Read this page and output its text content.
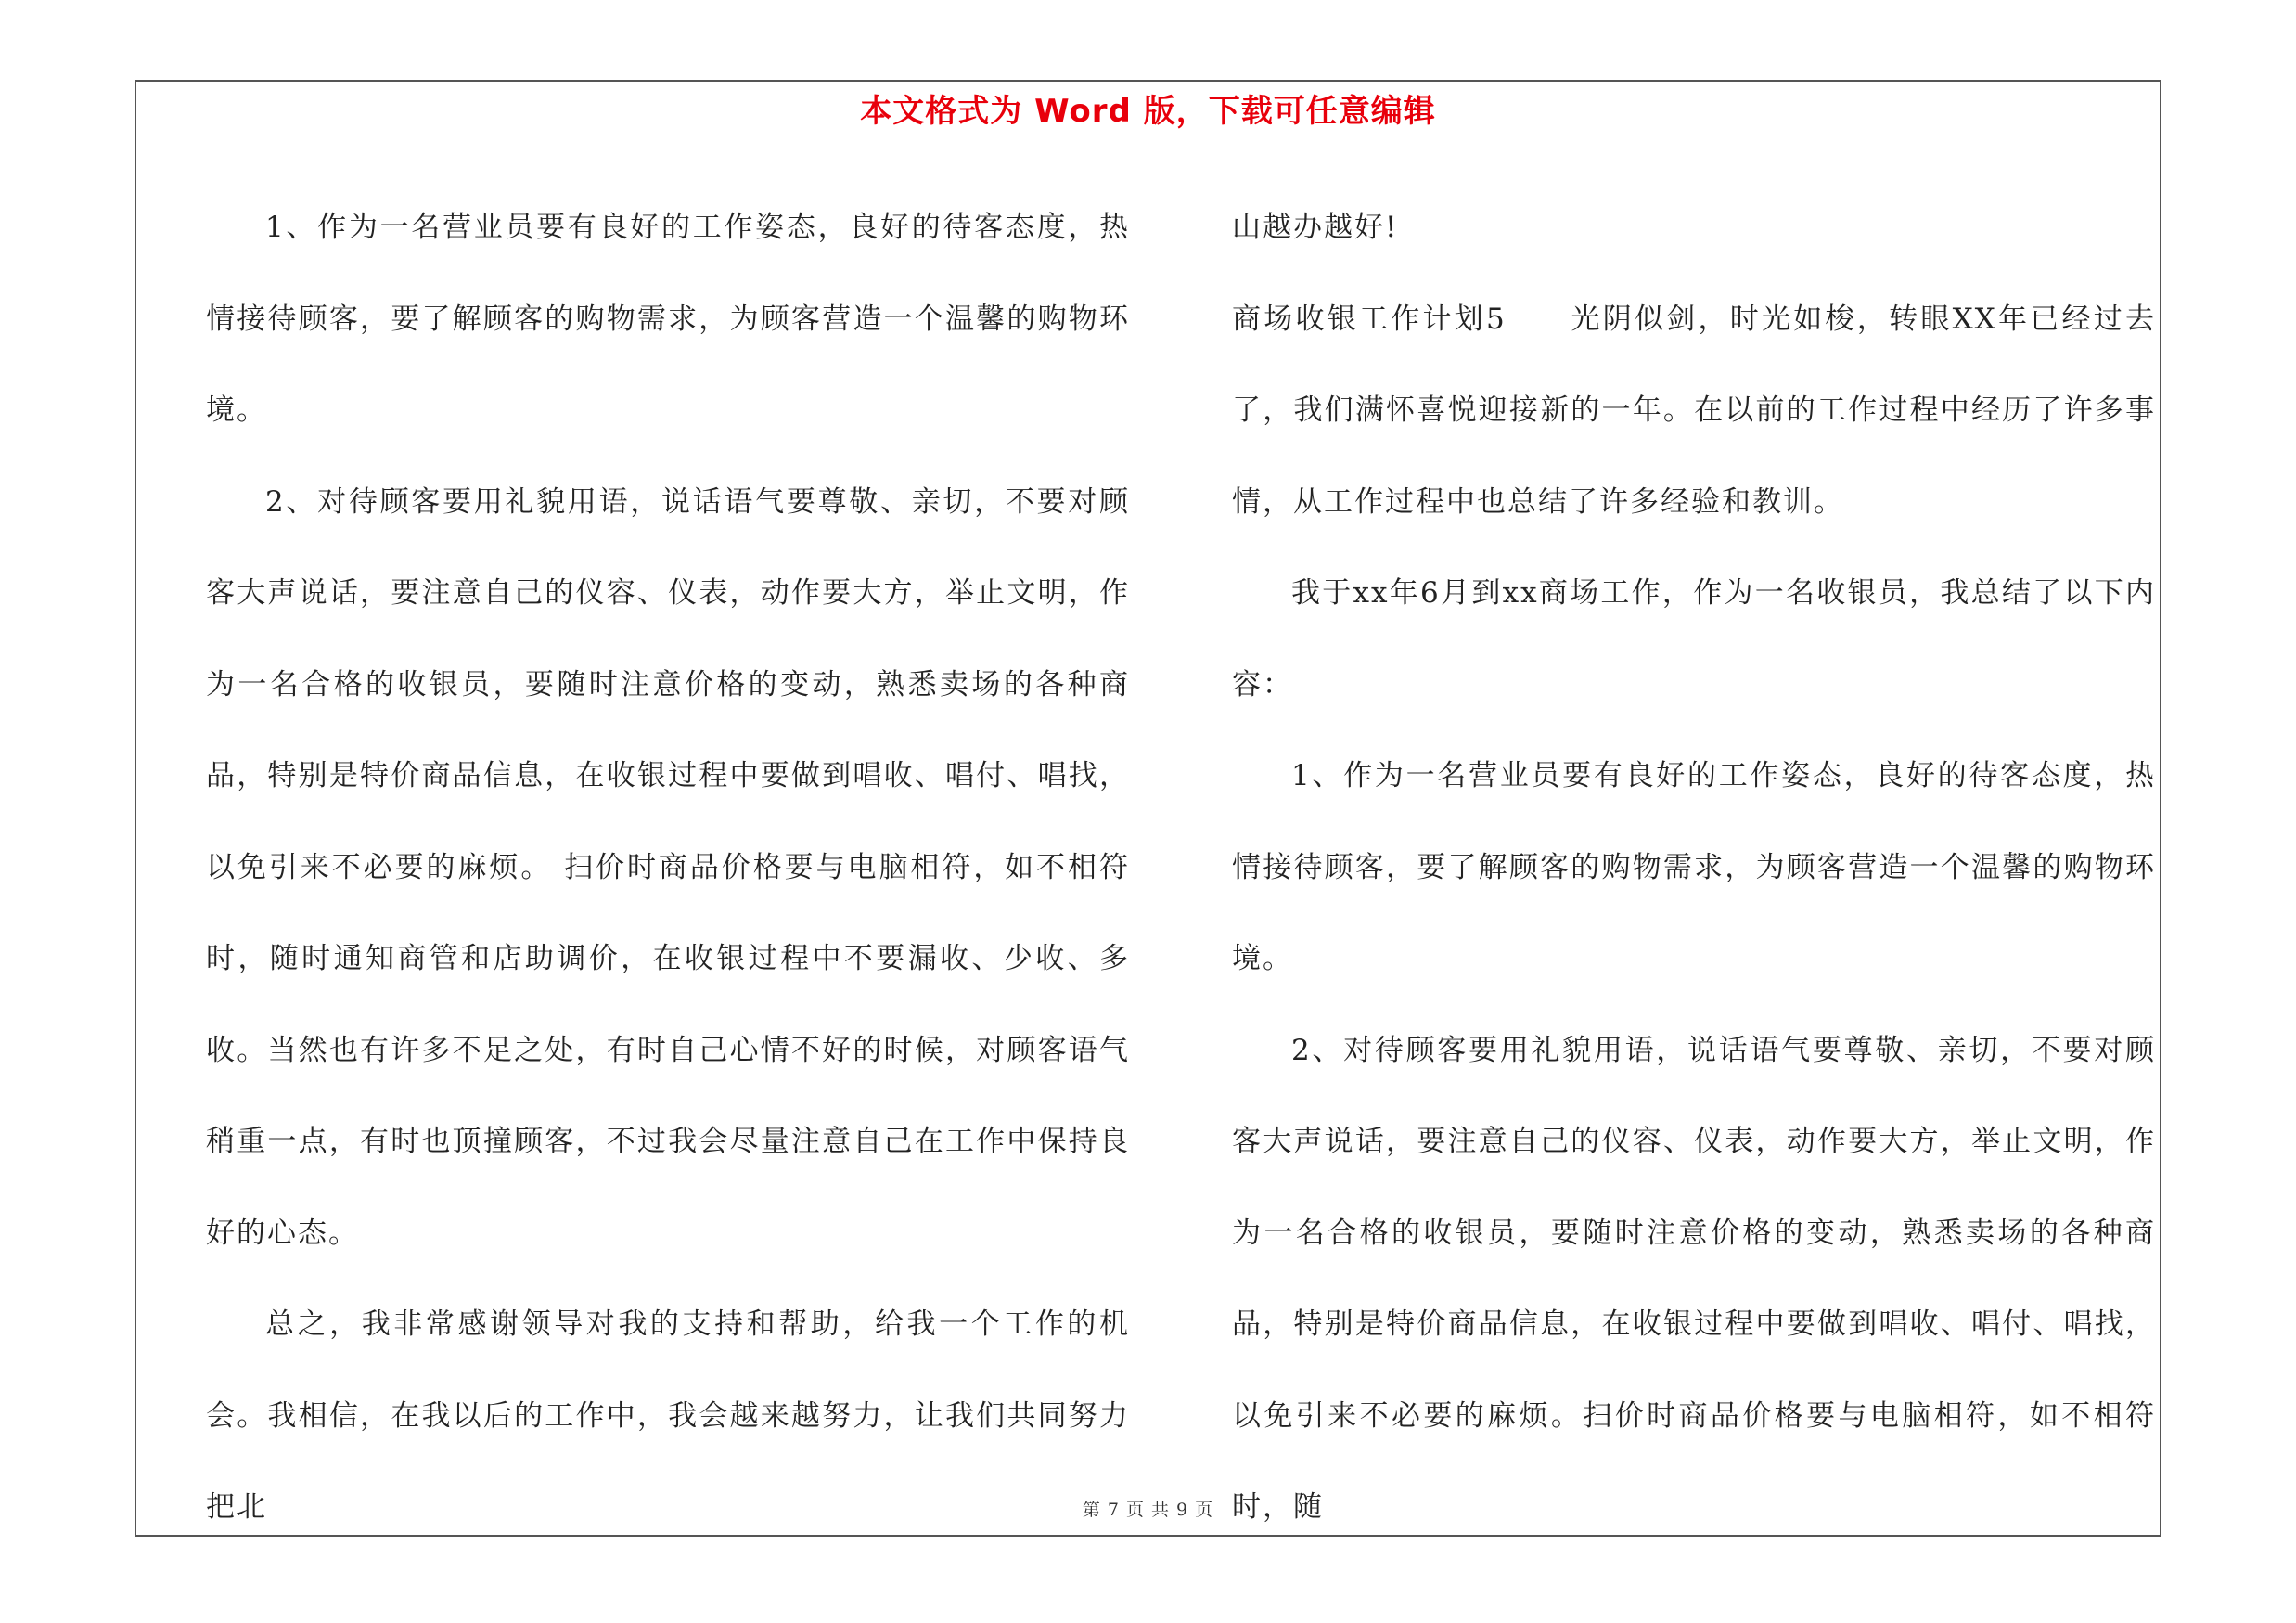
本文格式为 Word 版，下载可任意编辑

1、作为一名营业员要有良好的工作姿态，良好的待客态度，热情接待顾客，要了解顾客的购物需求，为顾客营造一个温馨的购物环境。

2、对待顾客要用礼貌用语，说话语气要尊敬、亲切，不要对顾客大声说话，要注意自己的仪容、仪表，动作要大方，举止文明，作为一名合格的收银员，要随时注意价格的变动，熟悉卖场的各种商品，特别是特价商品信息，在收银过程中要做到唱收、唱付、唱找，以免引来不必要的麻烦。 扫价时商品价格要与电脑相符，如不相符时，随时通知商管和店助调价，在收银过程中不要漏收、少收、多收。当然也有许多不足之处，有时自己心情不好的时候，对顾客语气稍重一点，有时也顶撞顾客，不过我会尽量注意自己在工作中保持良好的心态。

总之，我非常感谢领导对我的支持和帮助，给我一个工作的机会。我相信，在我以后的工作中，我会越来越努力，让我们共同努力把北

山越办越好!

商场收银工作计划5　　光阴似剑，时光如梭，转眼XX年已经过去了，我们满怀喜悦迎接新的一年。在以前的工作过程中经历了许多事情，从工作过程中也总结了许多经验和教训。

我于xx年6月到xx商场工作，作为一名收银员，我总结了以下内容：

1、作为一名营业员要有良好的工作姿态，良好的待客态度，热情接待顾客，要了解顾客的购物需求，为顾客营造一个温馨的购物环境。

2、对待顾客要用礼貌用语，说话语气要尊敬、亲切，不要对顾客大声说话，要注意自己的仪容、仪表，动作要大方，举止文明，作为一名合格的收银员，要随时注意价格的变动，熟悉卖场的各种商品，特别是特价商品信息，在收银过程中要做到唱收、唱付、唱找，以免引来不必要的麻烦。扫价时商品价格要与电脑相符，如不相符时，随

第 7 页 共 9 页
